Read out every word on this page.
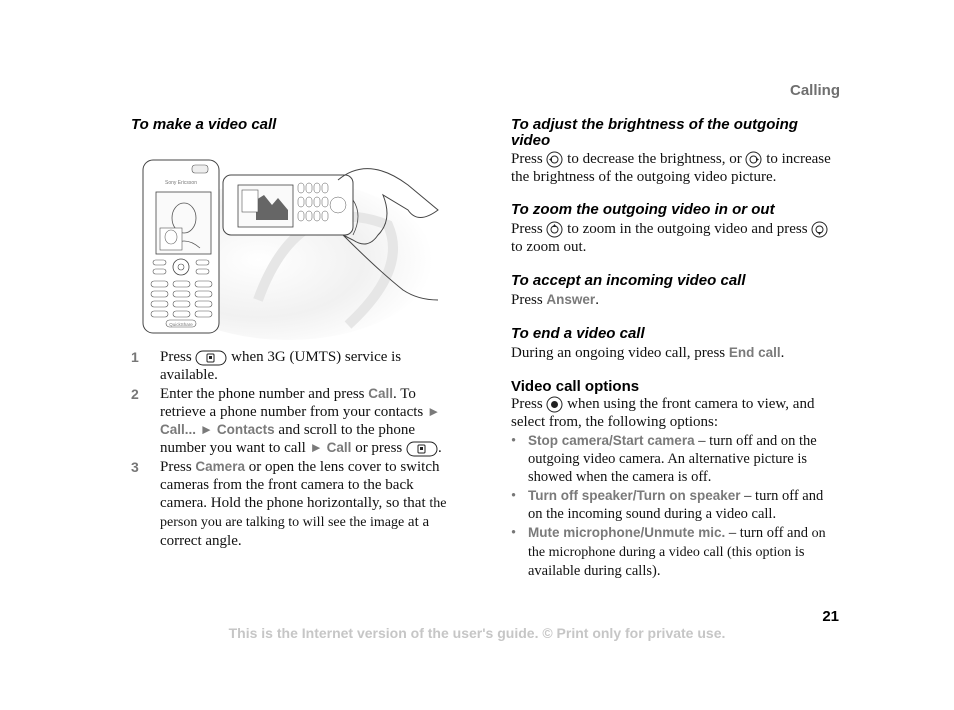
Calling
To make a video call
Sony Ericsson
QuickShare
1 Press	when 3G (UMTS) service is available.
2 Enter the phone number and press Call. To retrieve a phone number from your contacts ► Call... ► Contacts and scroll to the phone number you want to call ► Call or press .
3 Press Camera or open the lens cover to switch cameras from the front camera to the back camera. Hold the phone horizontally, so that the person you are talking to will see the image at a correct angle.
To adjust the brightness of the outgoing video
Press to decrease the brightness, or to increase the brightness of the outgoing video picture.
To zoom the outgoing video in or out
Press to zoom in the outgoing video and press  to zoom out.
To accept an incoming video call
Press Answer.
To end a video call
During an ongoing video call, press End call.
Video call options
Press when using the front camera to view, and select from, the following options:
• Stop camera/Start camera – turn off and on the outgoing video camera. An alternative picture is showed when the camera is off.
• Turn off speaker/Turn on speaker – turn off and on the incoming sound during a video call.
• Mute microphone/Unmute mic. – turn off and on the microphone during a video call (this option is available during calls).
21
This is the Internet version of the user's guide. © Print only for private use.
